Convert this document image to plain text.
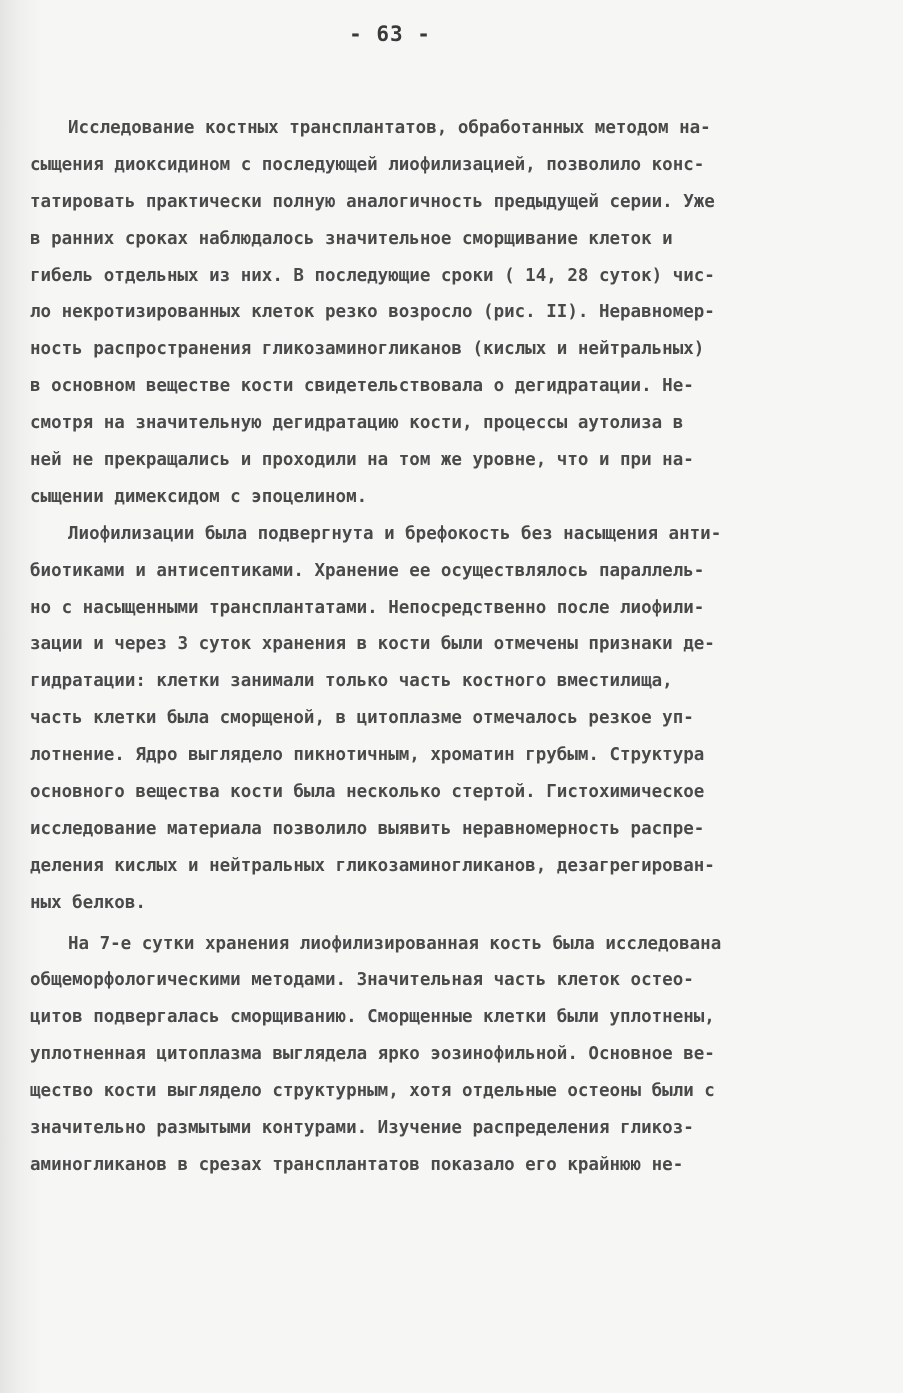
- 63 -
Исследование костных трансплантатов, обработанных методом на-
сыщения диоксидином с последующей лиофилизацией, позволило конс-
татировать практически полную аналогичность предыдущей серии. Уже
в ранних сроках наблюдалось значительное сморщивание клеток и
гибель отдельных из них. В последующие сроки ( 14, 28 суток) чис-
ло некротизированных клеток резко возросло (рис. II). Неравномер-
ность распространения гликозаминогликанов (кислых и нейтральных)
в основном веществе кости свидетельствовала о дегидратации. Не-
смотря на значительную дегидратацию кости, процессы аутолиза в
ней не прекращались и проходили на том же уровне, что и при на-
сыщении димексидом с эпоцелином.
Лиофилизации была подвергнута и брефокость без насыщения анти-
биотиками и антисептиками. Хранение ее осуществлялось параллель-
но с насыщенными трансплантатами. Непосредственно после лиофили-
зации и через 3 суток хранения в кости были отмечены признаки де-
гидратации: клетки занимали только часть костного вместилища,
часть клетки была сморщеной, в цитоплазме отмечалось резкое уп-
лотнение. Ядро выглядело пикнотичным, хроматин грубым. Структура
основного вещества кости была несколько стертой. Гистохимическое
исследование материала позволило выявить неравномерность распре-
деления кислых и нейтральных гликозаминогликанов, дезагрегирован-
ных белков.
На 7-е сутки хранения лиофилизированная кость была исследована
общеморфологическими методами. Значительная часть клеток остео-
цитов подвергалась сморщиванию. Сморщенные клетки были уплотнены,
уплотненная цитоплазма выглядела ярко эозинофильной. Основное ве-
щество кости выглядело структурным, хотя отдельные остеоны были с
значительно размытыми контурами. Изучение распределения гликоз-
аминогликанов в срезах трансплантатов показало его крайнюю не-
